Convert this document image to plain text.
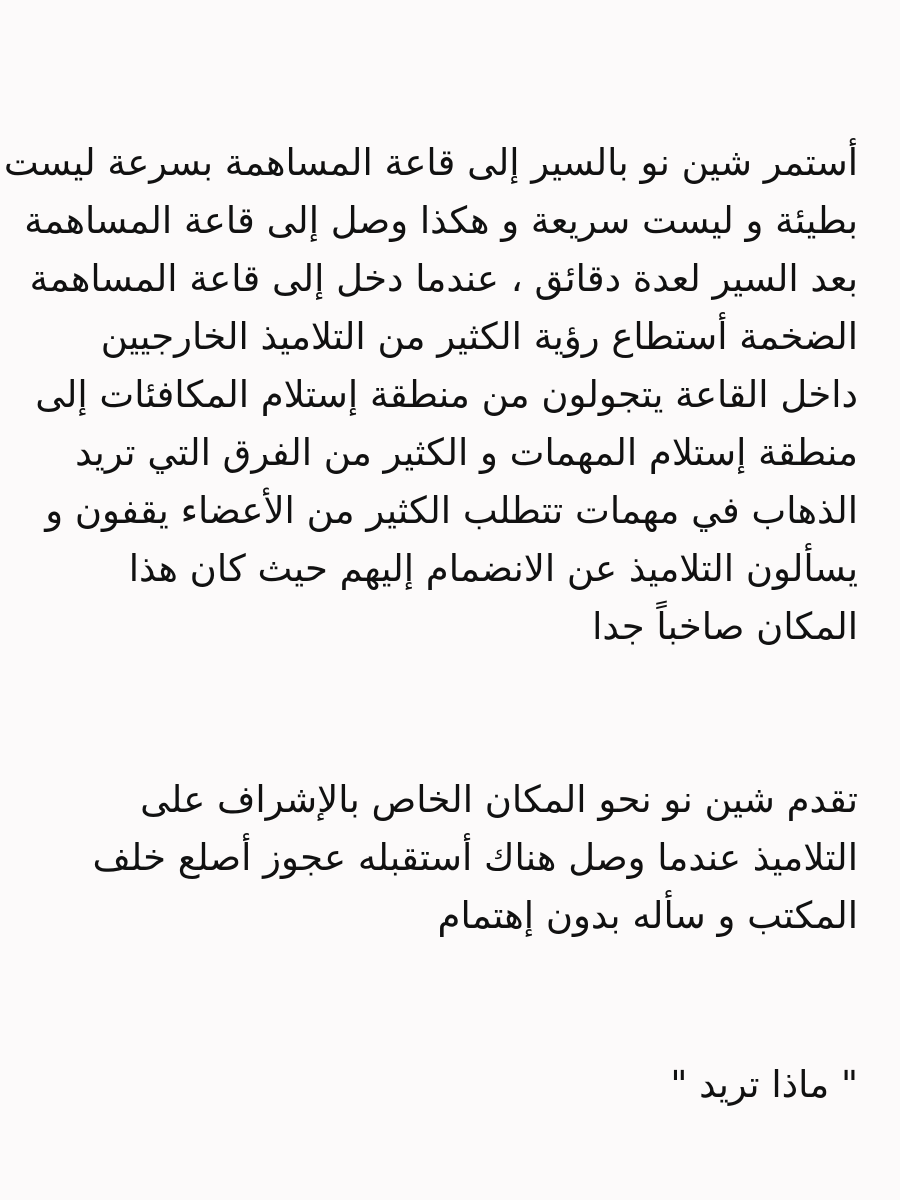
أستمر شين نو بالسير إلى قاعة المساهمة بسرعة ليست
بطيئة و ليست سريعة و هكذا وصل إلى قاعة المساهمة
بعد السير لعدة دقائق ، عندما دخل إلى قاعة المساهمة
الضخمة أستطاع رؤية الكثير من التلاميذ الخارجيين
داخل القاعة يتجولون من منطقة إستلام المكافئات إلى
منطقة إستلام المهمات و الكثير من الفرق التي تريد
الذهاب في مهمات تتطلب الكثير من الأعضاء يقفون و
يسألون التلاميذ عن الانضمام إليهم حيث كان هذا
المكان صاخباً جدا
تقدم شين نو نحو المكان الخاص بالإشراف على
التلاميذ عندما وصل هناك أستقبله عجوز أصلع خلف
المكتب و سأله بدون إهتمام
" ماذا تريد "
